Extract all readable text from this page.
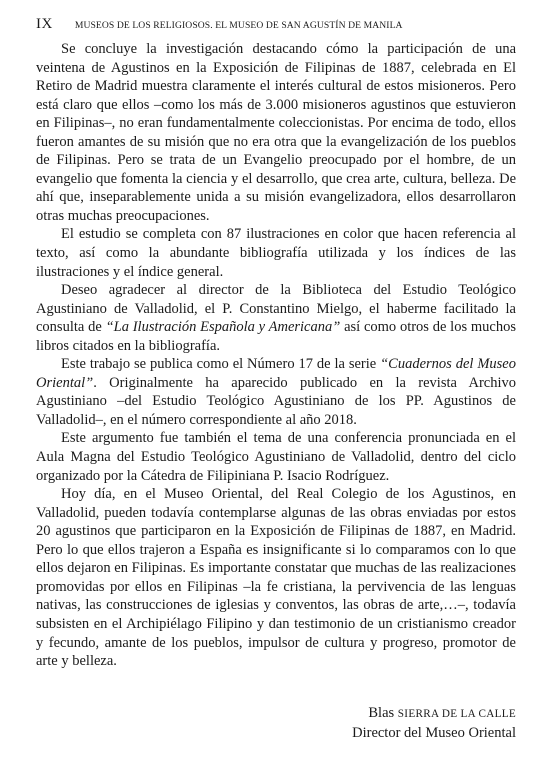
IX MUSEOS DE LOS RELIGIOSOS. EL MUSEO DE SAN AGUSTÍN DE MANILA

Se concluye la investigación destacando cómo la participación de una veintena de Agustinos en la Exposición de Filipinas de 1887, celebrada en El Retiro de Madrid muestra claramente el interés cultural de estos misioneros. Pero está claro que ellos –como los más de 3.000 misioneros agustinos que estuvieron en Filipinas–, no eran fundamentalmente coleccionistas. Por encima de todo, ellos fueron amantes de su misión que no era otra que la evangelización de los pueblos de Filipinas. Pero se trata de un Evangelio preocupado por el hombre, de un evangelio que fomenta la ciencia y el desarrollo, que crea arte, cultura, belleza. De ahí que, inseparablemente unida a su misión evangelizadora, ellos desarrollaron otras muchas preocupaciones.

El estudio se completa con 87 ilustraciones en color que hacen referencia al texto, así como la abundante bibliografía utilizada y los índices de las ilustraciones y el índice general.

Deseo agradecer al director de la Biblioteca del Estudio Teológico Agustiniano de Valladolid, el P. Constantino Mielgo, el haberme facilitado la consulta de “La Ilustración Española y Americana” así como otros de los muchos libros citados en la bibliografía.

Este trabajo se publica como el Número 17 de la serie “Cuadernos del Museo Oriental”. Originalmente ha aparecido publicado en la revista Archivo Agustiniano –del Estudio Teológico Agustiniano de los PP. Agustinos de Valladolid–, en el número correspondiente al año 2018.

Este argumento fue también el tema de una conferencia pronunciada en el Aula Magna del Estudio Teológico Agustiniano de Valladolid, dentro del ciclo organizado por la Cátedra de Filipiniana P. Isacio Rodríguez.

Hoy día, en el Museo Oriental, del Real Colegio de los Agustinos, en Valladolid, pueden todavía contemplarse algunas de las obras enviadas por estos 20 agustinos que participaron en la Exposición de Filipinas de 1887, en Madrid. Pero lo que ellos trajeron a España es insignificante si lo comparamos con lo que ellos dejaron en Filipinas. Es importante constatar que muchas de las realizaciones promovidas por ellos en Filipinas –la fe cristiana, la pervivencia de las lenguas nativas, las construcciones de iglesias y conventos, las obras de arte,…–, todavía subsisten en el Archipiélago Filipino y dan testimonio de un cristianismo creador y fecundo, amante de los pueblos, impulsor de cultura y progreso, promotor de arte y belleza.

Blas SIERRA DE LA CALLE
Director del Museo Oriental
